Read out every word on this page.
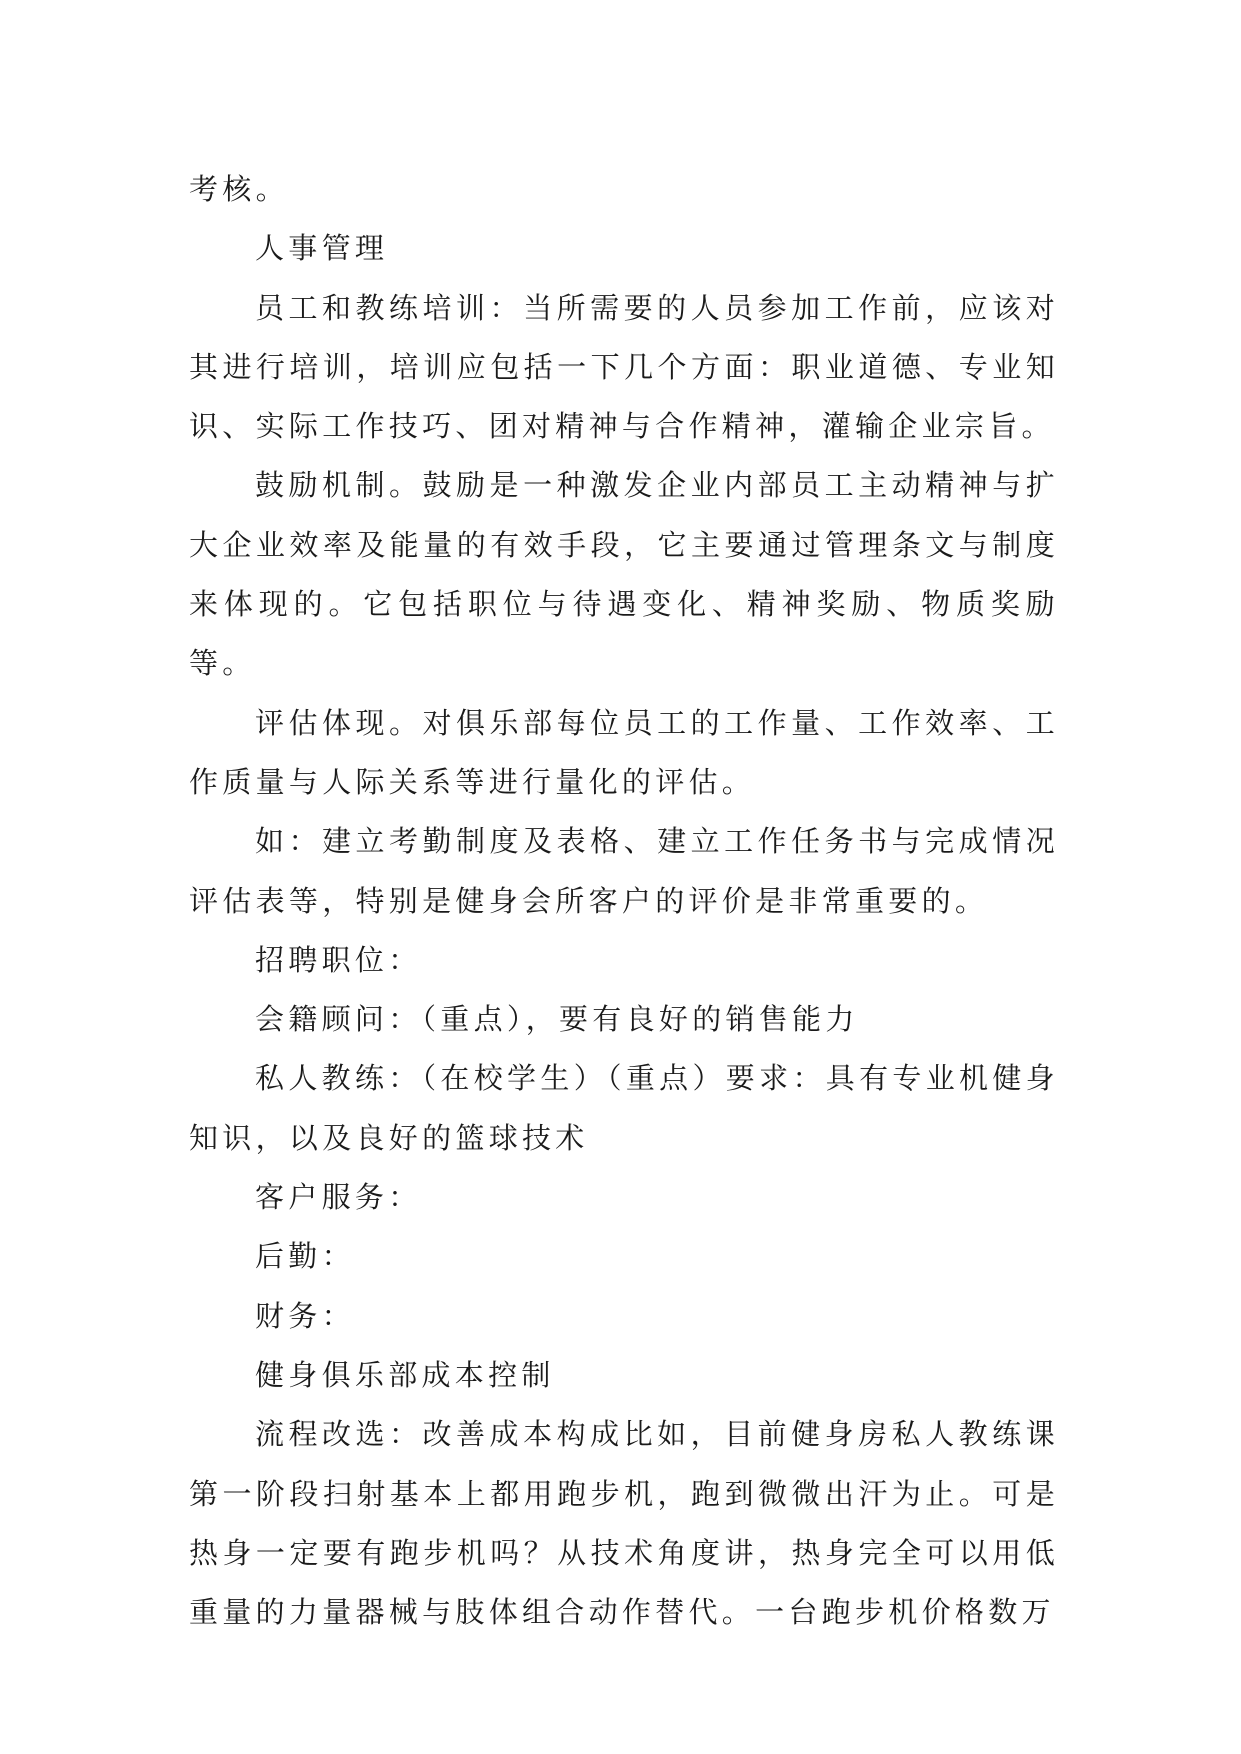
考核。

人事管理

员工和教练培训：当所需要的人员参加工作前，应该对其进行培训，培训应包括一下几个方面：职业道德、专业知识、实际工作技巧、团对精神与合作精神，灌输企业宗旨。

鼓励机制。鼓励是一种激发企业内部员工主动精神与扩大企业效率及能量的有效手段，它主要通过管理条文与制度来体现的。它包括职位与待遇变化、精神奖励、物质奖励等。

评估体现。对俱乐部每位员工的工作量、工作效率、工作质量与人际关系等进行量化的评估。

如：建立考勤制度及表格、建立工作任务书与完成情况评估表等，特别是健身会所客户的评价是非常重要的。

招聘职位：

会籍顾问：（重点），要有良好的销售能力

私人教练：（在校学生）（重点）要求：具有专业机健身知识，以及良好的篮球技术

客户服务：

后勤：

财务：

健身俱乐部成本控制

流程改选：改善成本构成比如，目前健身房私人教练课第一阶段扫射基本上都用跑步机，跑到微微出汗为止。可是热身一定要有跑步机吗？从技术角度讲，热身完全可以用低重量的力量器械与肢体组合动作替代。一台跑步机价格数万
